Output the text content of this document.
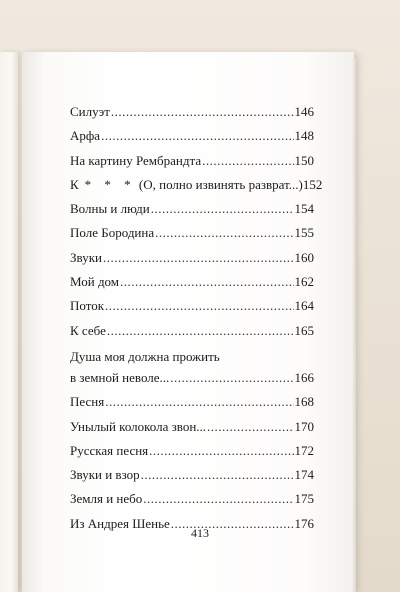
Силуэт .....	146
Арфа .....	148
На картину Рембрандта .....	150
К * * * (О, полно извинять разврат...) 152
Волны и люди .....	154
Поле Бородина .....	155
Звуки .....	160
Мой дом .....	162
Поток .....	164
К себе .....	165
Душа моя должна прожить
в земной неволе... .....	166
Песня .....	168
Унылый колокола звон... .....	170
Русская песня .....	172
Звуки и взор .....	174
Земля и небо .....	175
Из Андрея Шенье .....	176
413
